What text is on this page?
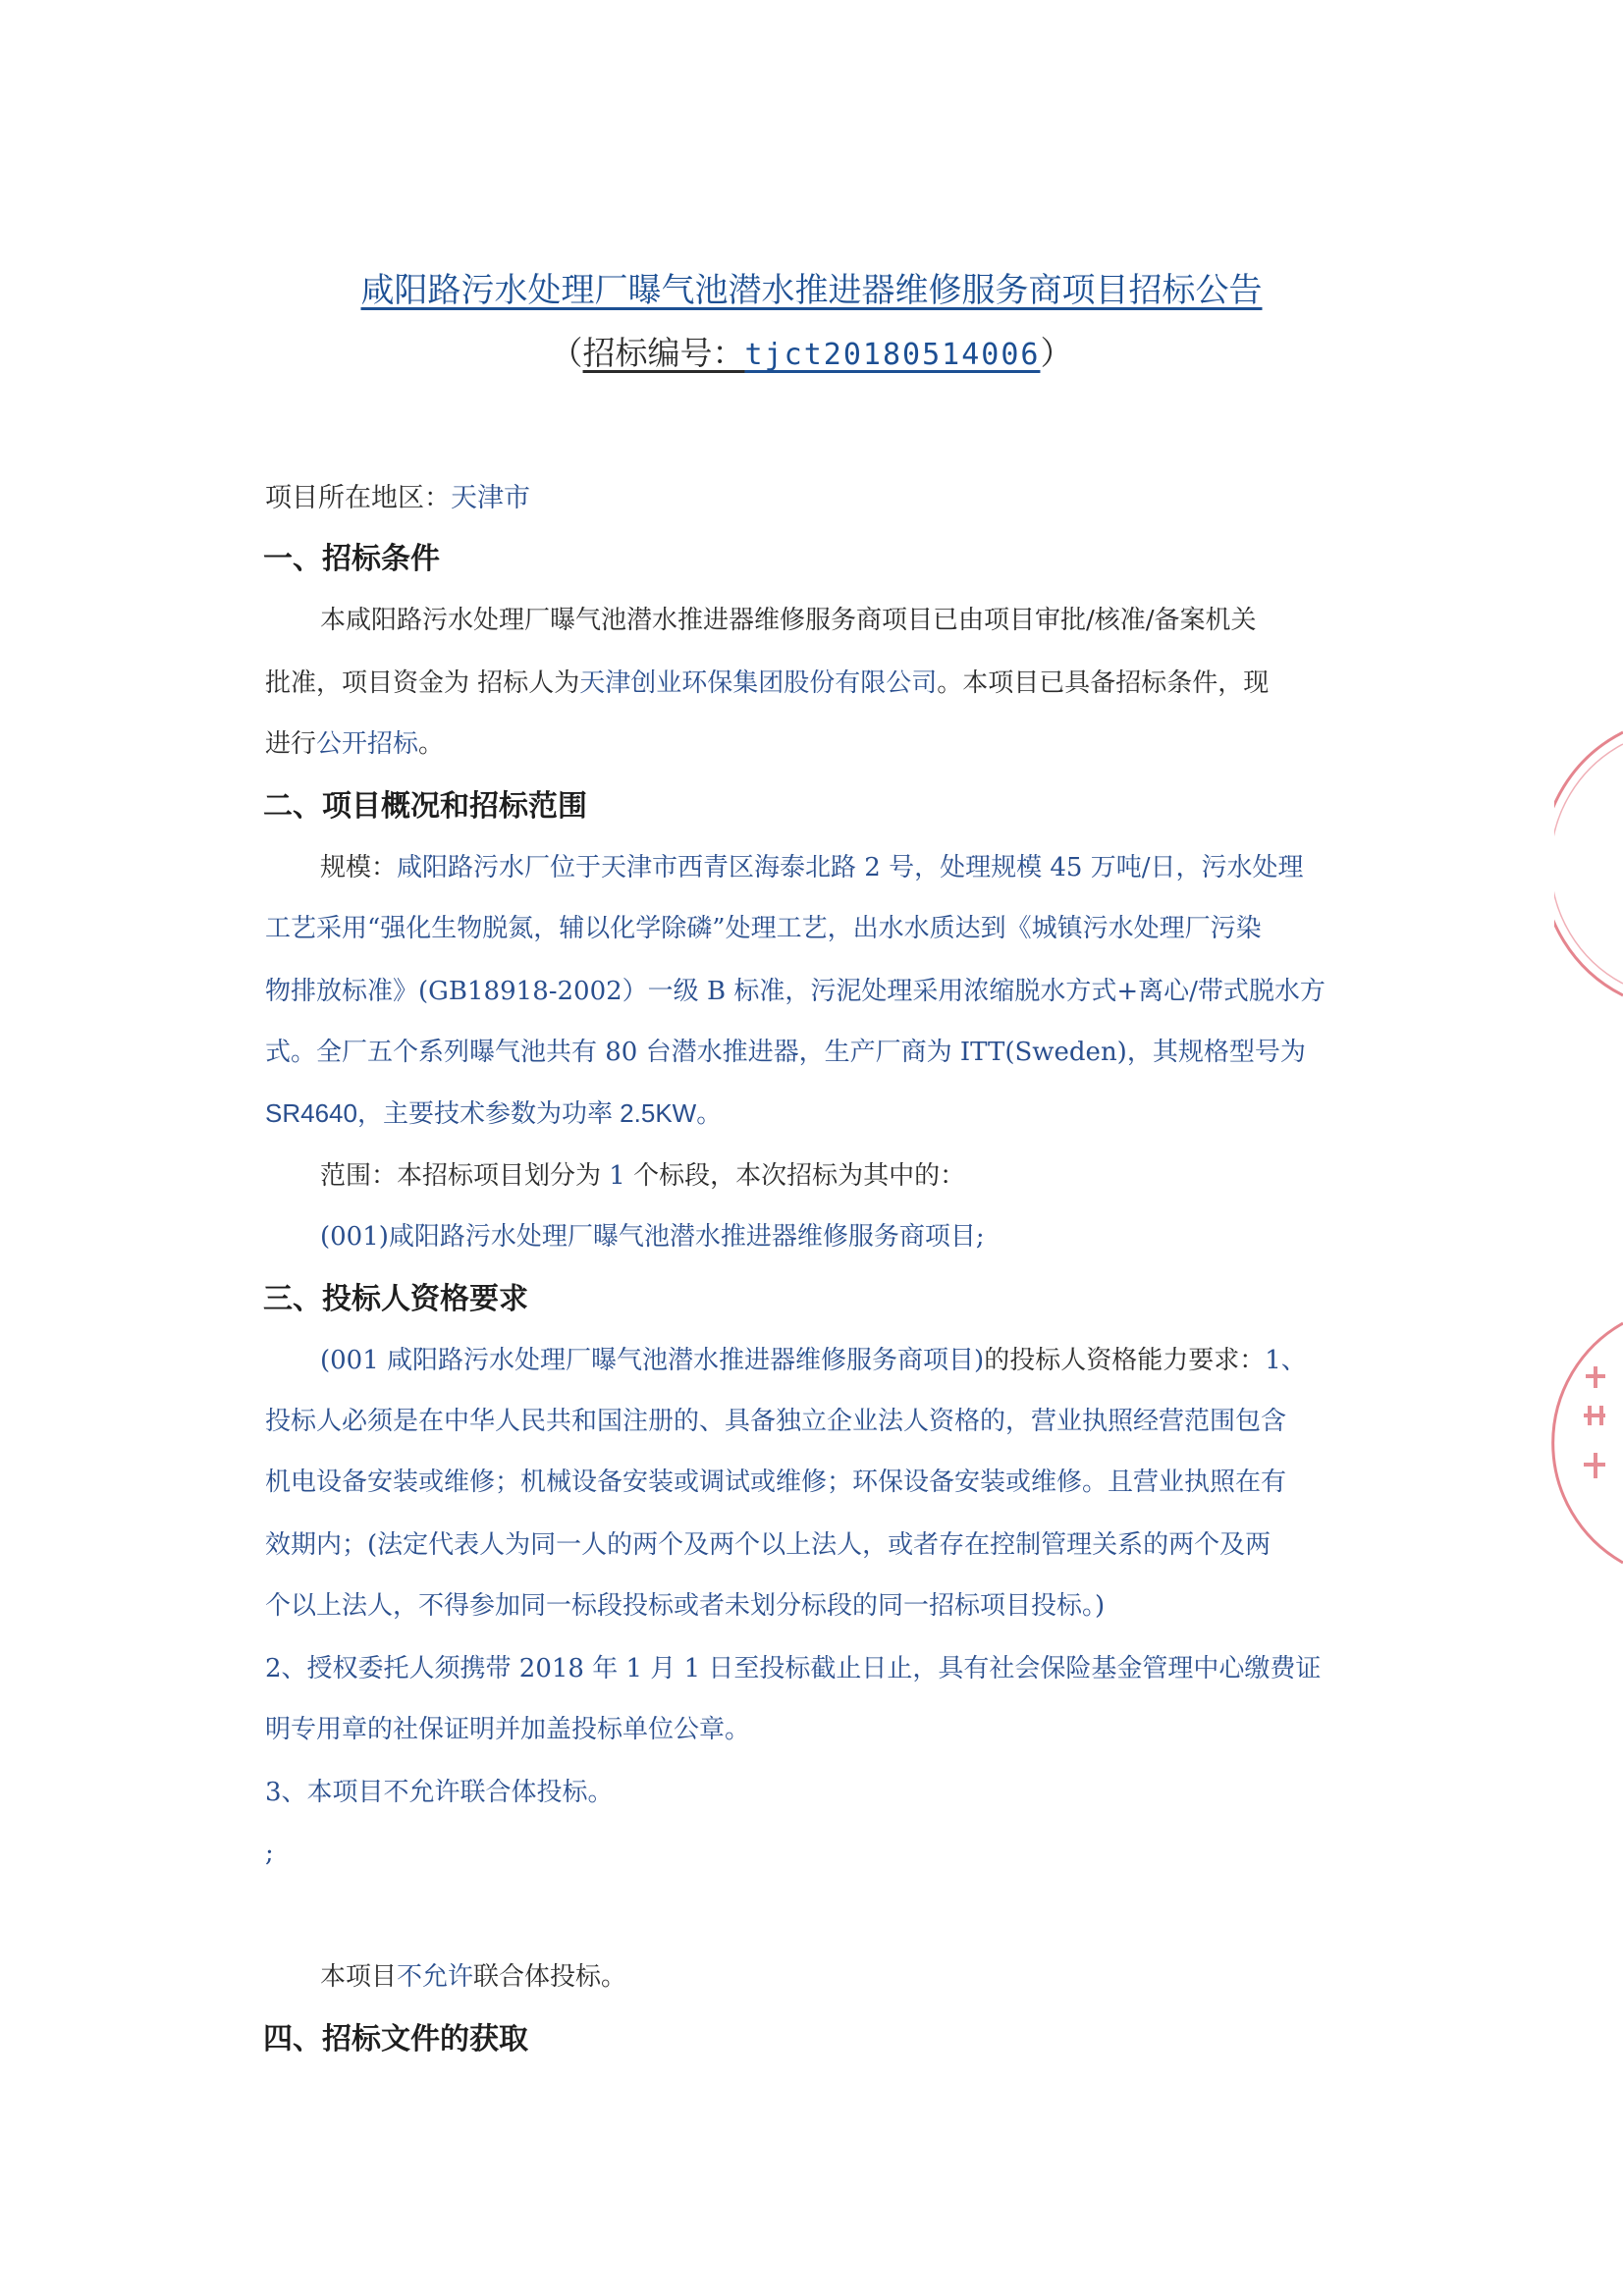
咸阳路污水处理厂曝气池潜水推进器维修服务商项目招标公告
（招标编号：tjct20180514006）
项目所在地区：天津市
一、招标条件
本咸阳路污水处理厂曝气池潜水推进器维修服务商项目已由项目审批/核准/备案机关
批准，项目资金为 招标人为天津创业环保集团股份有限公司。本项目已具备招标条件，现
进行公开招标。
二、项目概况和招标范围
规模：咸阳路污水厂位于天津市西青区海泰北路 2 号，处理规模 45 万吨/日，污水处理
工艺采用“强化生物脱氮，辅以化学除磷”处理工艺，出水水质达到《城镇污水处理厂污染
物排放标准》(GB18918-2002）一级 B 标准，污泥处理采用浓缩脱水方式+离心/带式脱水方
式。全厂五个系列曝气池共有 80 台潜水推进器，生产厂商为 ITT(Sweden)，其规格型号为
SR4640，主要技术参数为功率 2.5KW。
范围：本招标项目划分为 1 个标段，本次招标为其中的：
(001)咸阳路污水处理厂曝气池潜水推进器维修服务商项目;
三、投标人资格要求
(001 咸阳路污水处理厂曝气池潜水推进器维修服务商项目)的投标人资格能力要求：1、
投标人必须是在中华人民共和国注册的、具备独立企业法人资格的，营业执照经营范围包含
机电设备安装或维修；机械设备安装或调试或维修；环保设备安装或维修。且营业执照在有
效期内；(法定代表人为同一人的两个及两个以上法人，或者存在控制管理关系的两个及两
个以上法人，不得参加同一标段投标或者未划分标段的同一招标项目投标。)
2、授权委托人须携带 2018 年 1 月 1 日至投标截止日止，具有社会保险基金管理中心缴费证
明专用章的社保证明并加盖投标单位公章。
3、本项目不允许联合体投标。
;
本项目不允许联合体投标。
四、招标文件的获取
